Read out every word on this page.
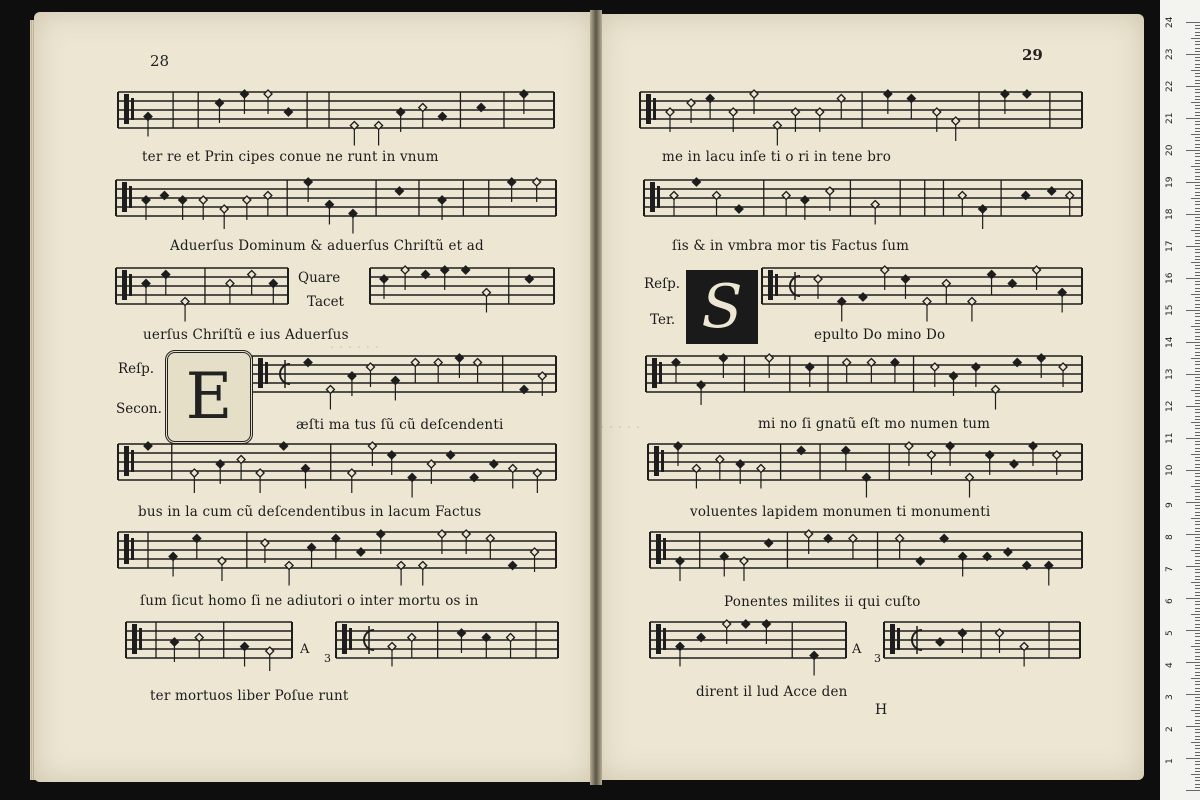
· · · · · ·
· · · · ·
28	29
ter re et Prin cipes conue ne runt in vnum
Aduerſus Dominum & aduerſus Chriſtũ et ad
uerſus Chriſtũ e ius Aduerſus
æſti ma tus ſũ cũ deſcendenti
bus in la cum cũ deſcendentibus in lacum Factus
ſum ſicut homo ſi ne adiutori o inter mortu os in
ter mortuos liber Poſue runt
Quare
Tacet
Reſp.
Secon. E
A
3
me in lacu inſe ti o ri in tene bro
ſis & in vmbra mor tis Factus ſum
epulto Do mino Do
mi no ſi gnatũ eſt mo numen tum
voluentes lapidem monumen ti monumenti
Ponentes milites ii qui cuſto
dirent il lud Acce den
Reſp.
Ter. S
A
3
H
1
2
3
4
5
6
7
8
9
10
11
12
13
14
15
16
17
18
19
20
21
22
23
24
